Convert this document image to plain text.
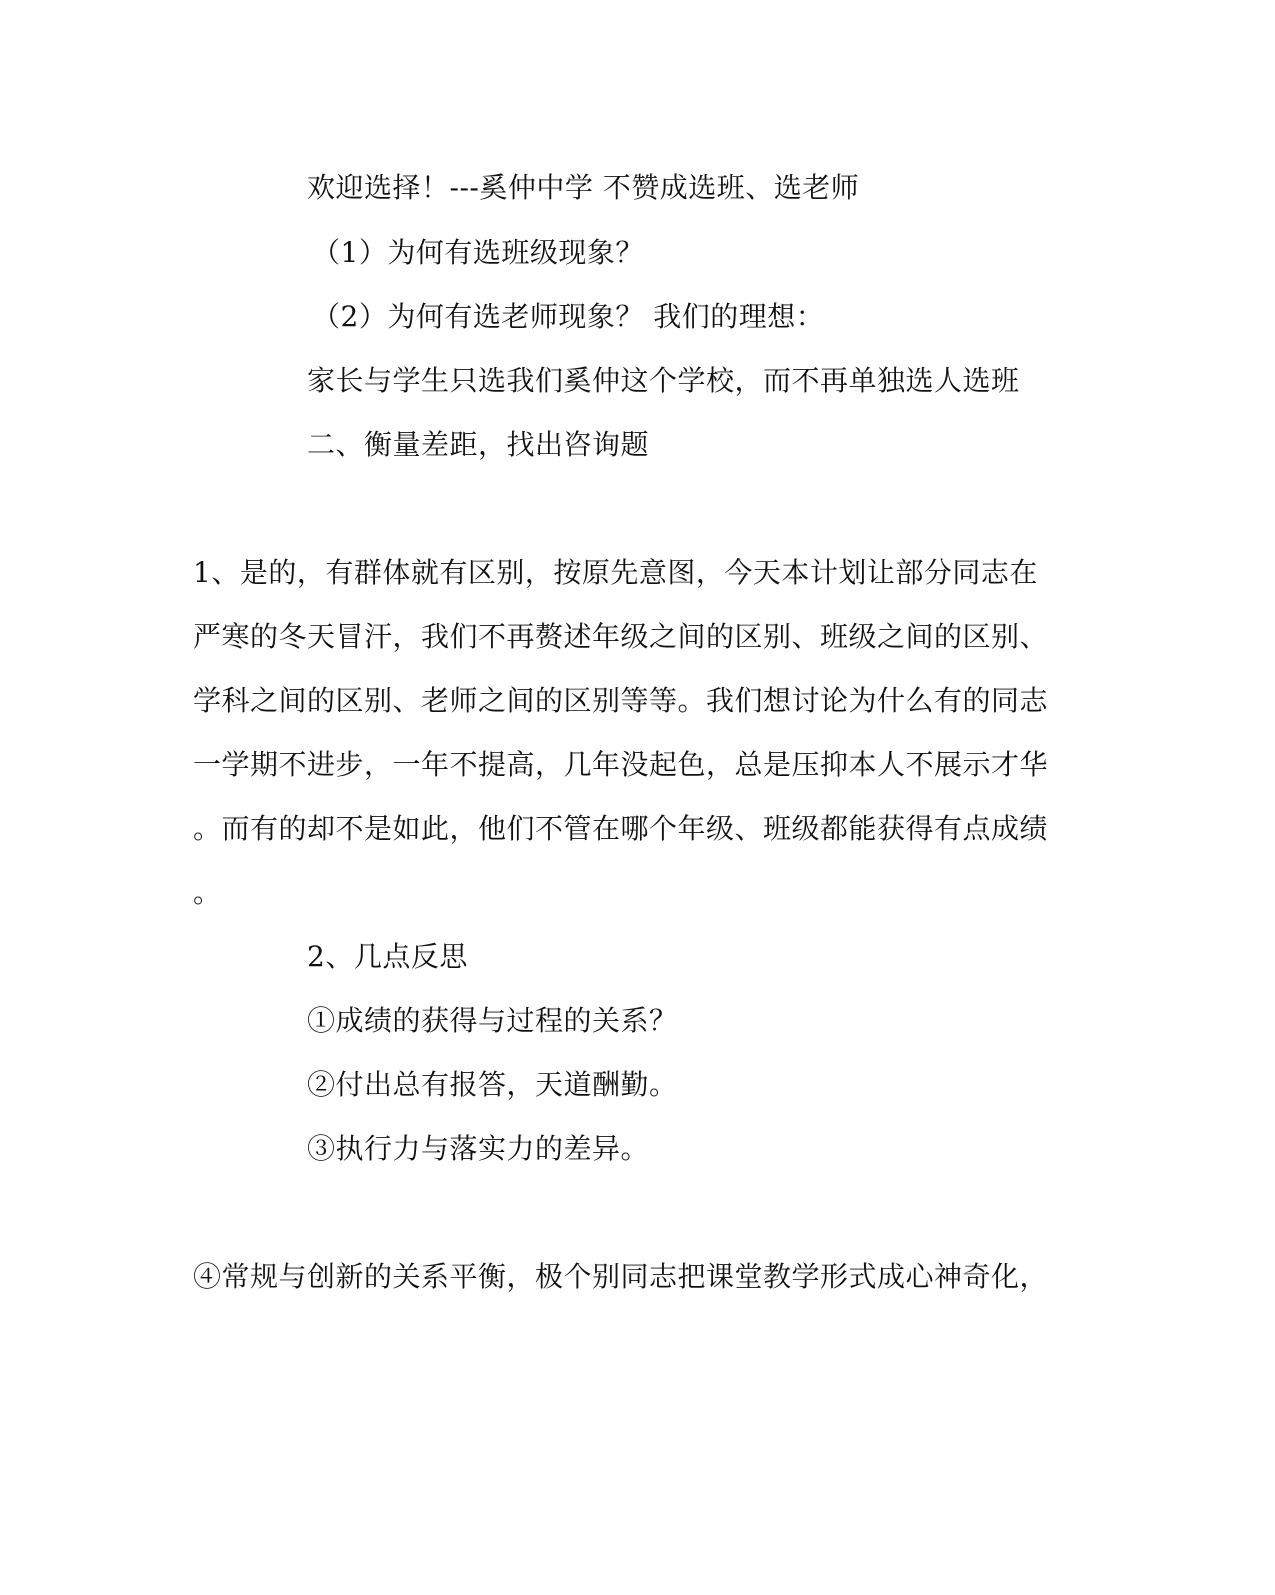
欢迎选择！---奚仲中学 不赞成选班、选老师

（1）为何有选班级现象？

（2）为何有选老师现象？ 我们的理想：

家长与学生只选我们奚仲这个学校，而不再单独选人选班

二、衡量差距，找出咨询题

1、是的，有群体就有区别，按原先意图，今天本计划让部分同志在

严寒的冬天冒汗，我们不再赘述年级之间的区别、班级之间的区别、

学科之间的区别、老师之间的区别等等。我们想讨论为什么有的同志

一学期不进步，一年不提高，几年没起色，总是压抑本人不展示才华

。而有的却不是如此，他们不管在哪个年级、班级都能获得有点成绩

。

2、几点反思

①成绩的获得与过程的关系？

②付出总有报答，天道酬勤。

③执行力与落实力的差异。

④常规与创新的关系平衡，极个别同志把课堂教学形式成心神奇化，
